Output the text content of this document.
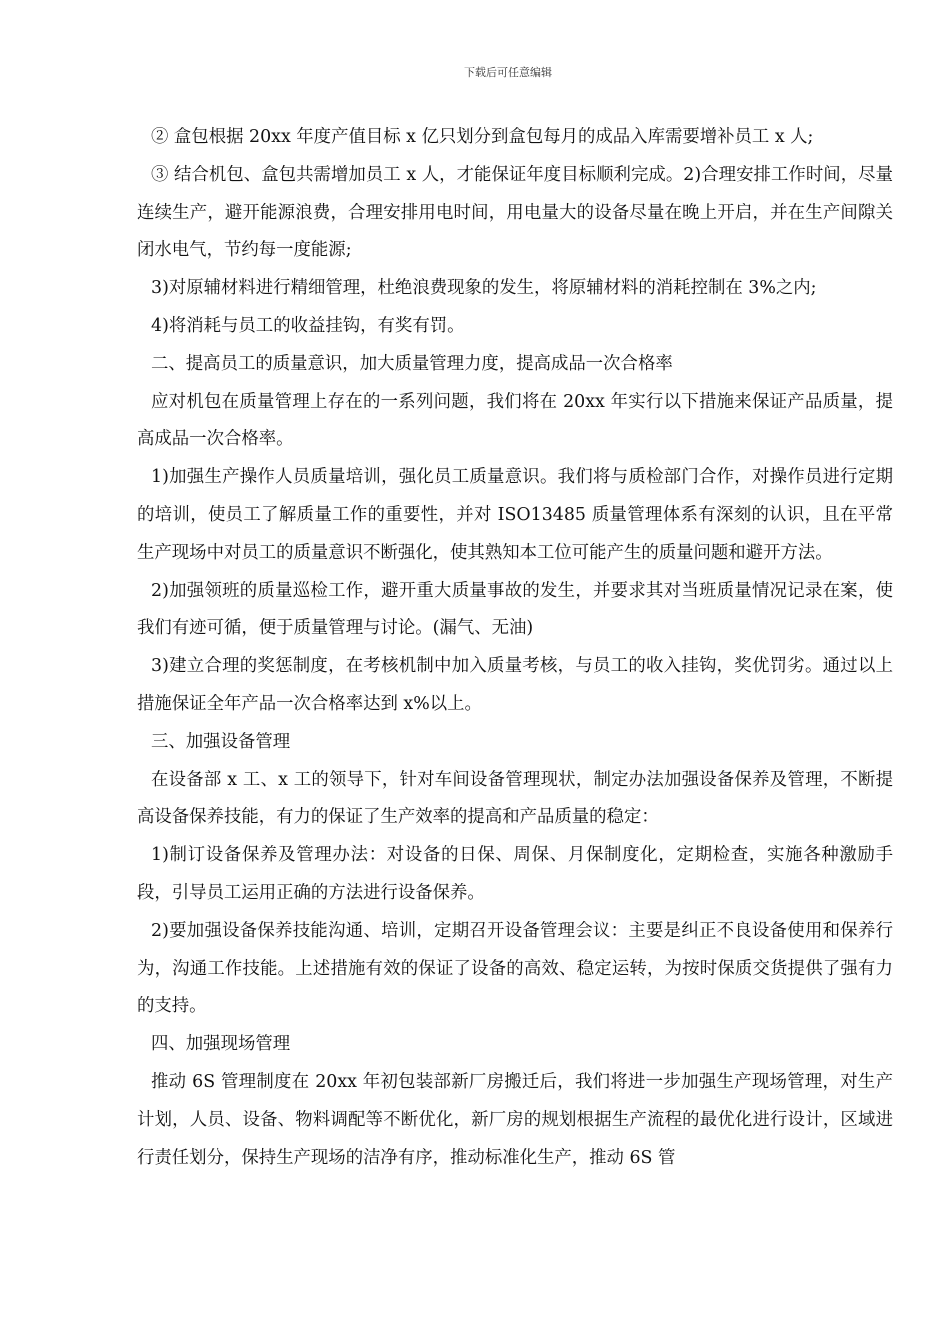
下载后可任意编辑

② 盒包根据 20xx 年度产值目标 x 亿只划分到盒包每月的成品入库需要增补员工 x 人;

③ 结合机包、盒包共需增加员工 x 人，才能保证年度目标顺利完成。2)合理安排工作时间，尽量连续生产，避开能源浪费，合理安排用电时间，用电量大的设备尽量在晚上开启，并在生产间隙关闭水电气，节约每一度能源;

3)对原辅材料进行精细管理，杜绝浪费现象的发生，将原辅材料的消耗控制在 3%之内;

4)将消耗与员工的收益挂钩，有奖有罚。

二、提高员工的质量意识，加大质量管理力度，提高成品一次合格率

应对机包在质量管理上存在的一系列问题，我们将在 20xx 年实行以下措施来保证产品质量，提高成品一次合格率。

1)加强生产操作人员质量培训，强化员工质量意识。我们将与质检部门合作，对操作员进行定期的培训，使员工了解质量工作的重要性，并对 ISO13485 质量管理体系有深刻的认识，且在平常生产现场中对员工的质量意识不断强化，使其熟知本工位可能产生的质量问题和避开方法。

2)加强领班的质量巡检工作，避开重大质量事故的发生，并要求其对当班质量情况记录在案，使我们有迹可循，便于质量管理与讨论。(漏气、无油)

3)建立合理的奖惩制度，在考核机制中加入质量考核，与员工的收入挂钩，奖优罚劣。通过以上措施保证全年产品一次合格率达到 x%以上。

三、加强设备管理

在设备部 x 工、x 工的领导下，针对车间设备管理现状，制定办法加强设备保养及管理，不断提高设备保养技能，有力的保证了生产效率的提高和产品质量的稳定：

1)制订设备保养及管理办法：对设备的日保、周保、月保制度化，定期检查，实施各种激励手段，引导员工运用正确的方法进行设备保养。

2)要加强设备保养技能沟通、培训，定期召开设备管理会议：主要是纠正不良设备使用和保养行为，沟通工作技能。上述措施有效的保证了设备的高效、稳定运转，为按时保质交货提供了强有力的支持。

四、加强现场管理

推动 6S 管理制度在 20xx 年初包装部新厂房搬迁后，我们将进一步加强生产现场管理，对生产计划，人员、设备、物料调配等不断优化，新厂房的规划根据生产流程的最优化进行设计，区域进行责任划分，保持生产现场的洁净有序，推动标准化生产，推动 6S 管
